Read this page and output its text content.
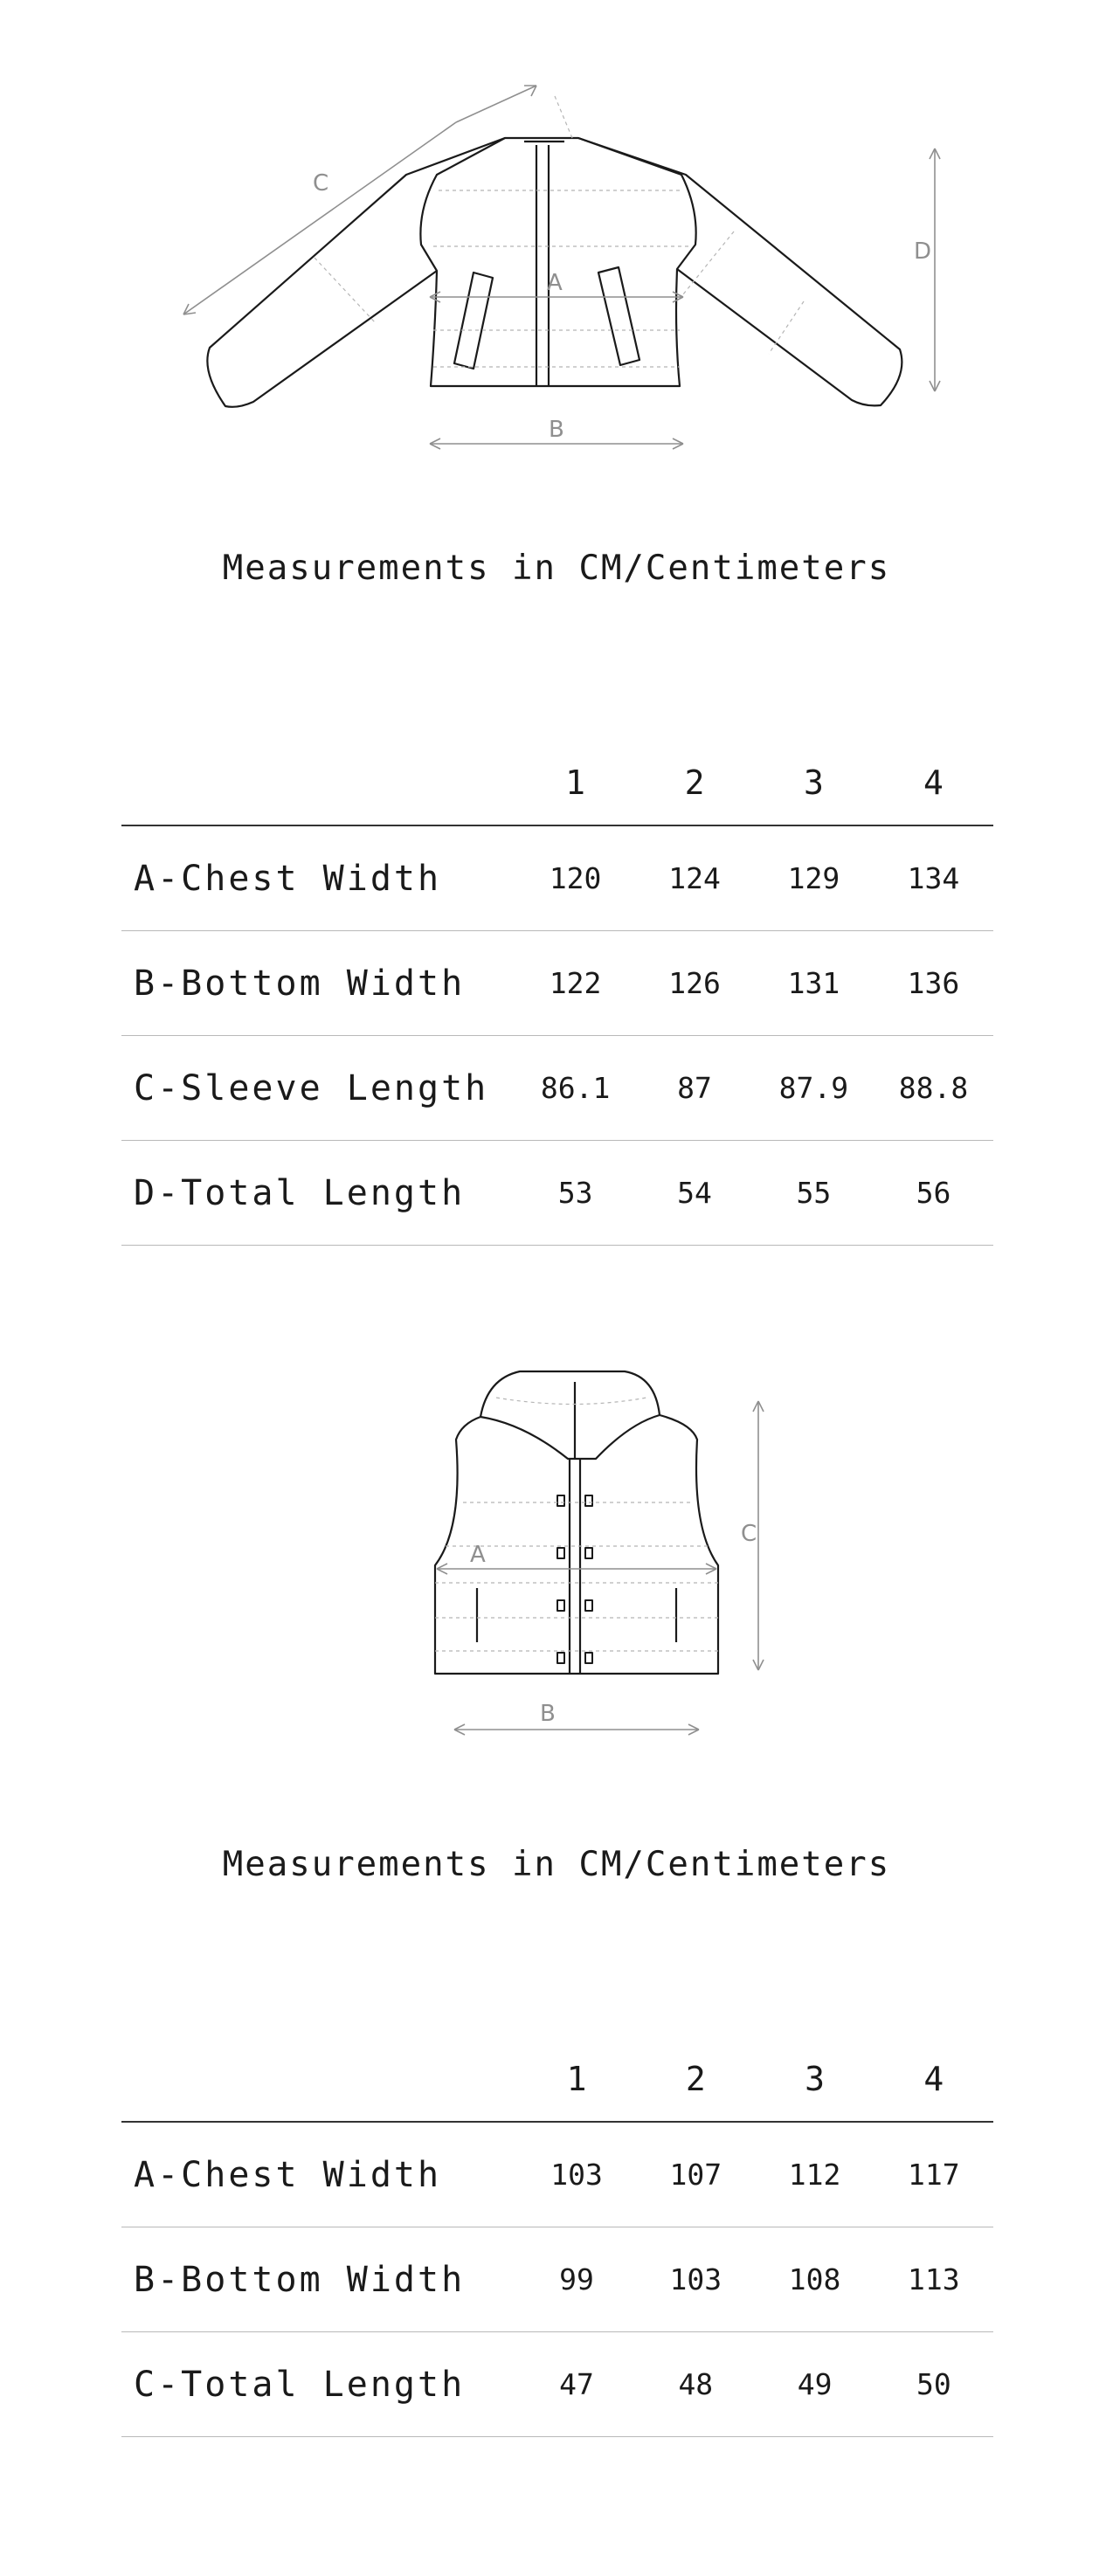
C
A
B
D
Measurements in CM/Centimeters
	1	2	3	4
A-Chest Width	120	124	129	134
B-Bottom Width	122	126	131	136
C-Sleeve Length	86.1	87	87.9	88.8
D-Total Length	53	54	55	56
A
B
C
Measurements in CM/Centimeters
	1	2	3	4
A-Chest Width	103	107	112	117
B-Bottom Width	99	103	108	113
C-Total Length	47	48	49	50
